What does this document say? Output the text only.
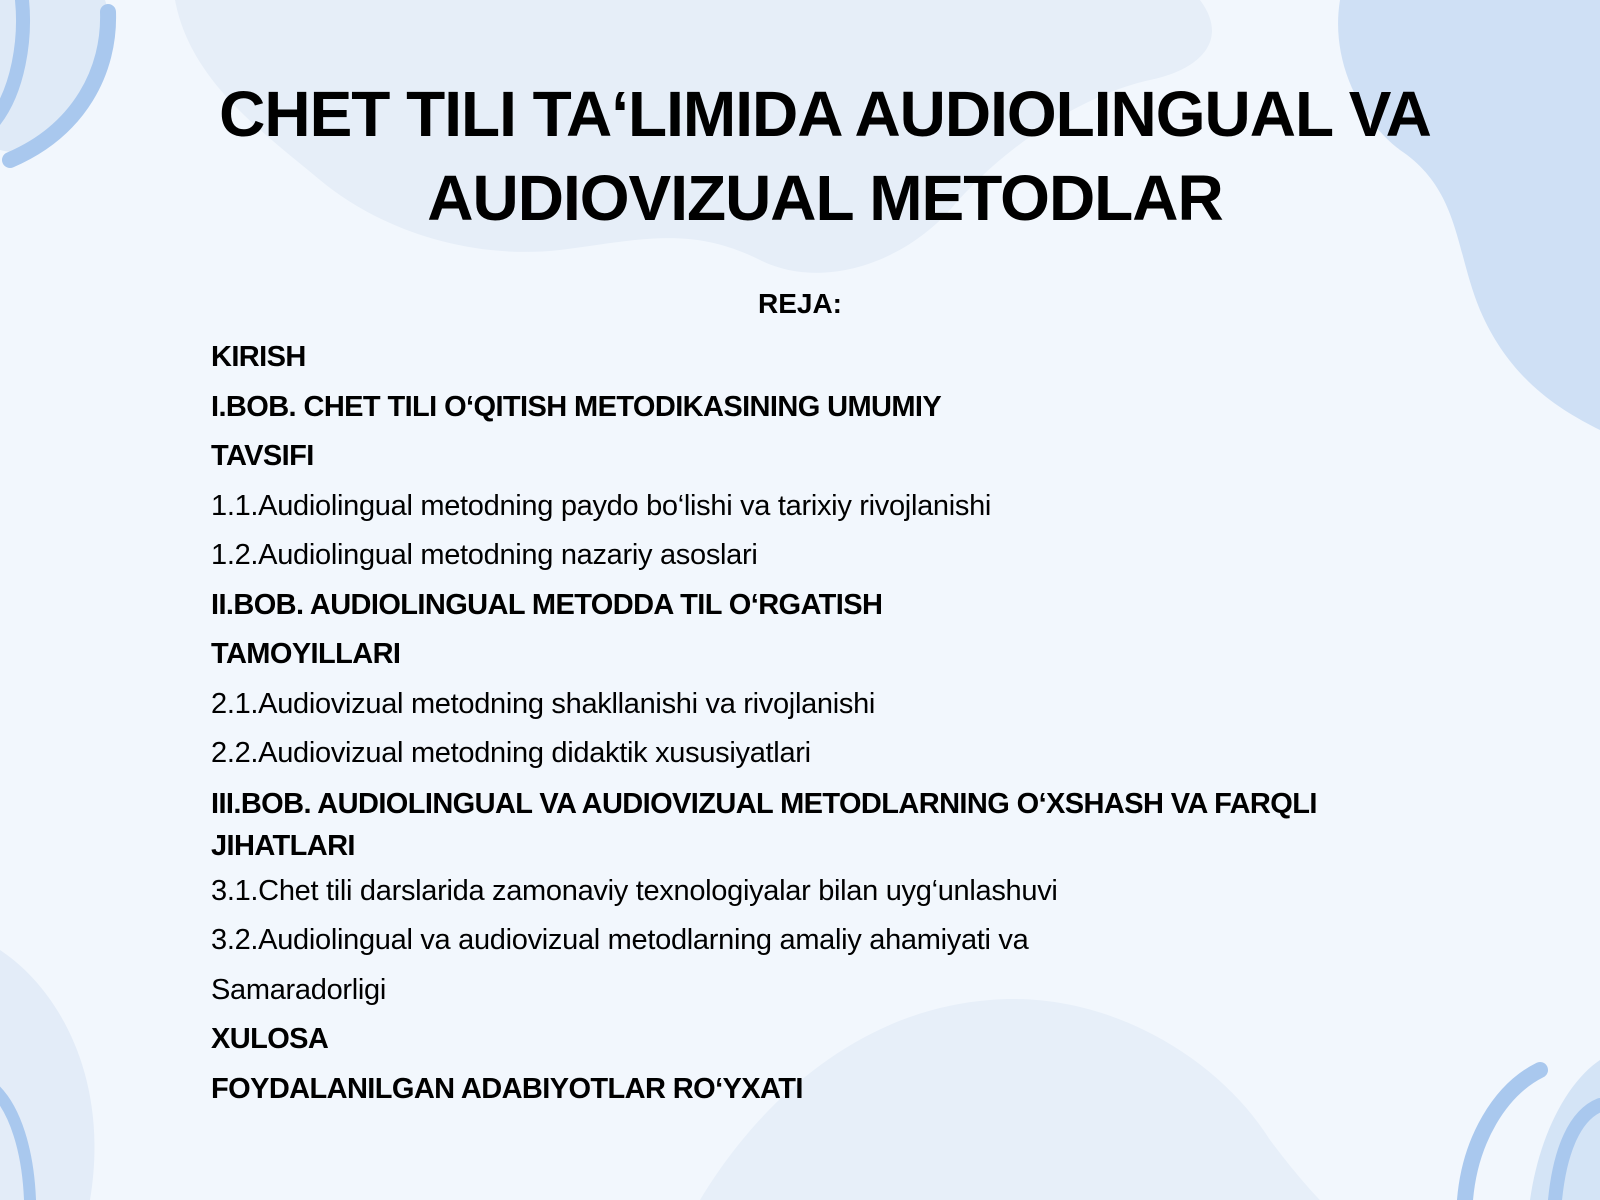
CHET TILI TA‘LIMIDA AUDIOLINGUAL VA
AUDIOVIZUAL METODLAR
REJA:
KIRISH
I.BOB. CHET TILI O‘QITISH METODIKASINING UMUMIY
TAVSIFI
1.1.Audiolingual metodning paydo bo‘lishi va tarixiy rivojlanishi
1.2.Audiolingual metodning nazariy asoslari
II.BOB. AUDIOLINGUAL METODDA TIL O‘RGATISH
TAMOYILLARI
2.1.Audiovizual metodning shakllanishi va rivojlanishi
2.2.Audiovizual metodning didaktik xususiyatlari
III.BOB. AUDIOLINGUAL VA AUDIOVIZUAL METODLARNING O‘XSHASH VA FARQLI JIHATLARI
3.1.Chet tili darslarida zamonaviy texnologiyalar bilan uyg‘unlashuvi
3.2.Audiolingual va audiovizual metodlarning amaliy ahamiyati va
Samaradorligi
XULOSA
FOYDALANILGAN ADABIYOTLAR RO‘YXATI
